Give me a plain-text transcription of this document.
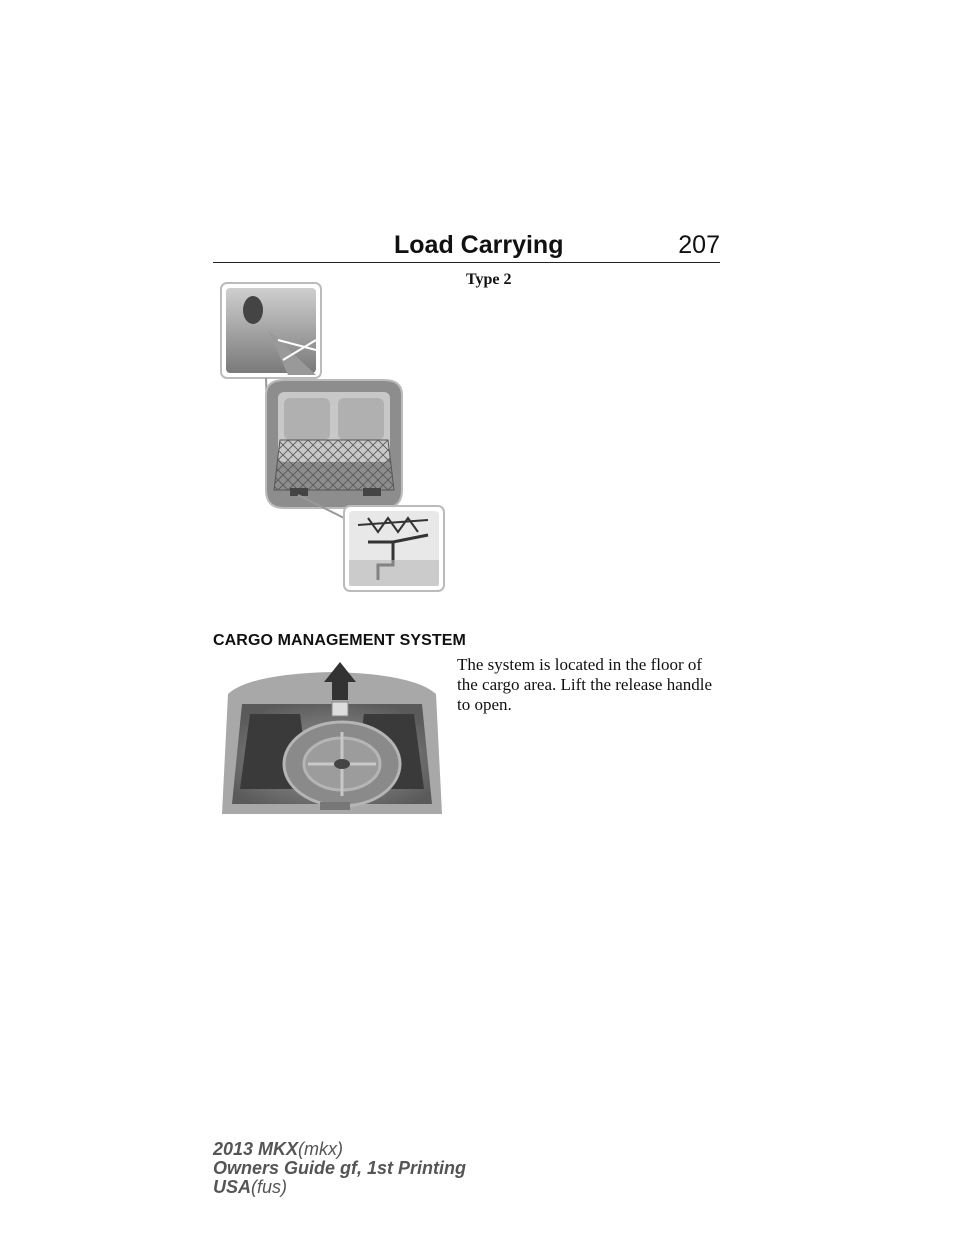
Load Carrying	207
Type 2
CARGO MANAGEMENT SYSTEM
The system is located in the floor of the cargo area. Lift the release handle to open.
2013 MKX(mkx)
Owners Guide gf, 1st Printing
USA(fus)
